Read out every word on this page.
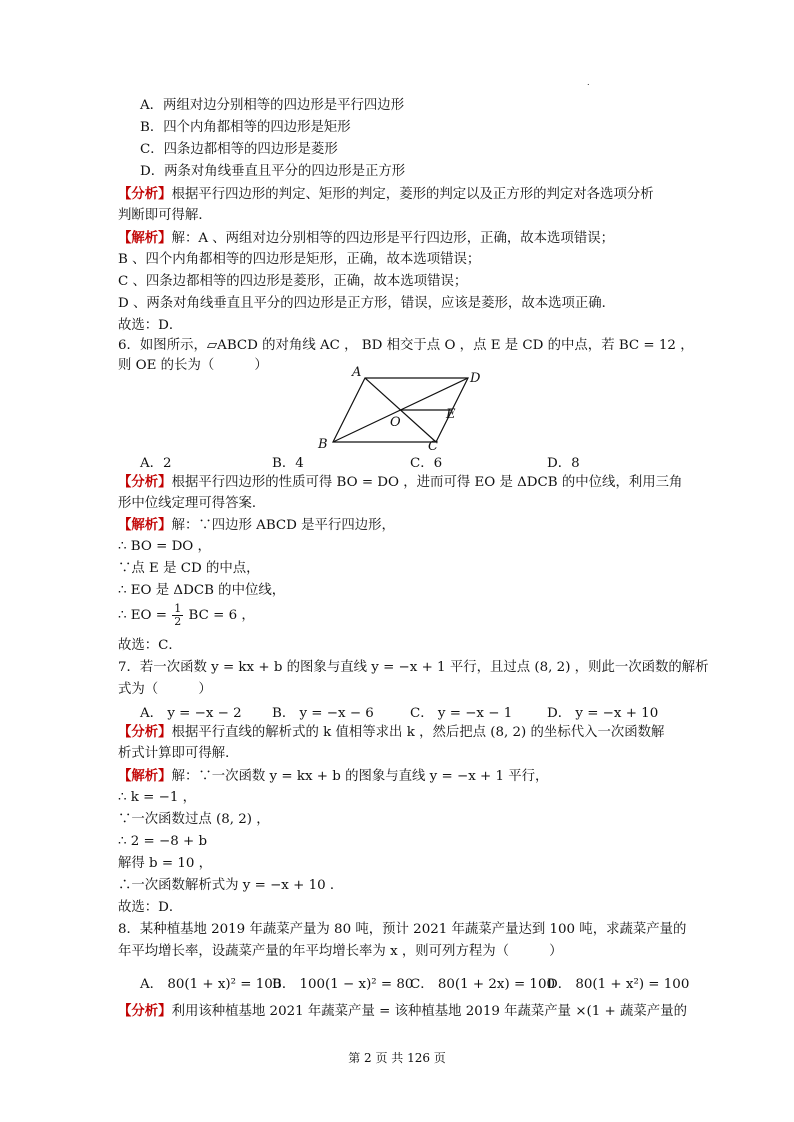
.
A．两组对边分别相等的四边形是平行四边形
B．四个内角都相等的四边形是矩形
C．四条边都相等的四边形是菱形
D．两条对角线垂直且平分的四边形是正方形
【分析】根据平行四边形的判定、矩形的判定，菱形的判定以及正方形的判定对各选项分析
判断即可得解．
【解析】解：A 、两组对边分别相等的四边形是平行四边形，正确，故本选项错误；
B 、四个内角都相等的四边形是矩形，正确，故本选项错误；
C 、四条边都相等的四边形是菱形，正确，故本选项错误；
D 、两条对角线垂直且平分的四边形是正方形，错误，应该是菱形，故本选项正确．
故选：D．
6．如图所示，▱ABCD 的对角线 AC ， BD 相交于点 O ，点 E 是 CD 的中点，若 BC = 12 ，
则 OE 的长为（　　　）	A	D
E
O
B	C
A．2	B．4	C．6	D．8
【分析】根据平行四边形的性质可得 BO = DO ，进而可得 EO 是 ΔDCB 的中位线，利用三角
形中位线定理可得答案．
【解析】解：∵四边形 ABCD 是平行四边形，
∴ BO = DO ，
∵点 E 是 CD 的中点，
∴ EO 是 ΔDCB 的中位线，
∴ EO = $\frac{1}{2}$ BC = 6 ，
故选：C．
7．若一次函数 y = kx + b 的图象与直线 y = −x + 1 平行，且过点 (8, 2) ，则此一次函数的解析
式为（　　　）
A． y = −x − 2 B． y = −x − 6	C． y = −x − 1	D． y = −x + 10
【分析】根据平行直线的解析式的 k 值相等求出 k ，然后把点 (8, 2) 的坐标代入一次函数解
析式计算即可得解．
【解析】解：∵一次函数 y = kx + b 的图象与直线 y = −x + 1 平行，
∴ k = −1 ，
∵一次函数过点 (8, 2) ，
∴ 2 = −8 + b
解得 b = 10 ，
∴一次函数解析式为 y = −x + 10 ．
故选：D．
8．某种植基地 2019 年蔬菜产量为 80 吨，预计 2021 年蔬菜产量达到 100 吨，求蔬菜产量的
年平均增长率，设蔬菜产量的年平均增长率为 x ，则可列方程为（　　　）
A． 80(1 + x)² = 100
B． 100(1 − x)² = 80
C． 80(1 + 2x) = 100
D． 80(1 + x²) = 100
【分析】利用该种植基地 2021 年蔬菜产量 = 该种植基地 2019 年蔬菜产量 ×(1 + 蔬菜产量的
第 2 页 共 126 页
